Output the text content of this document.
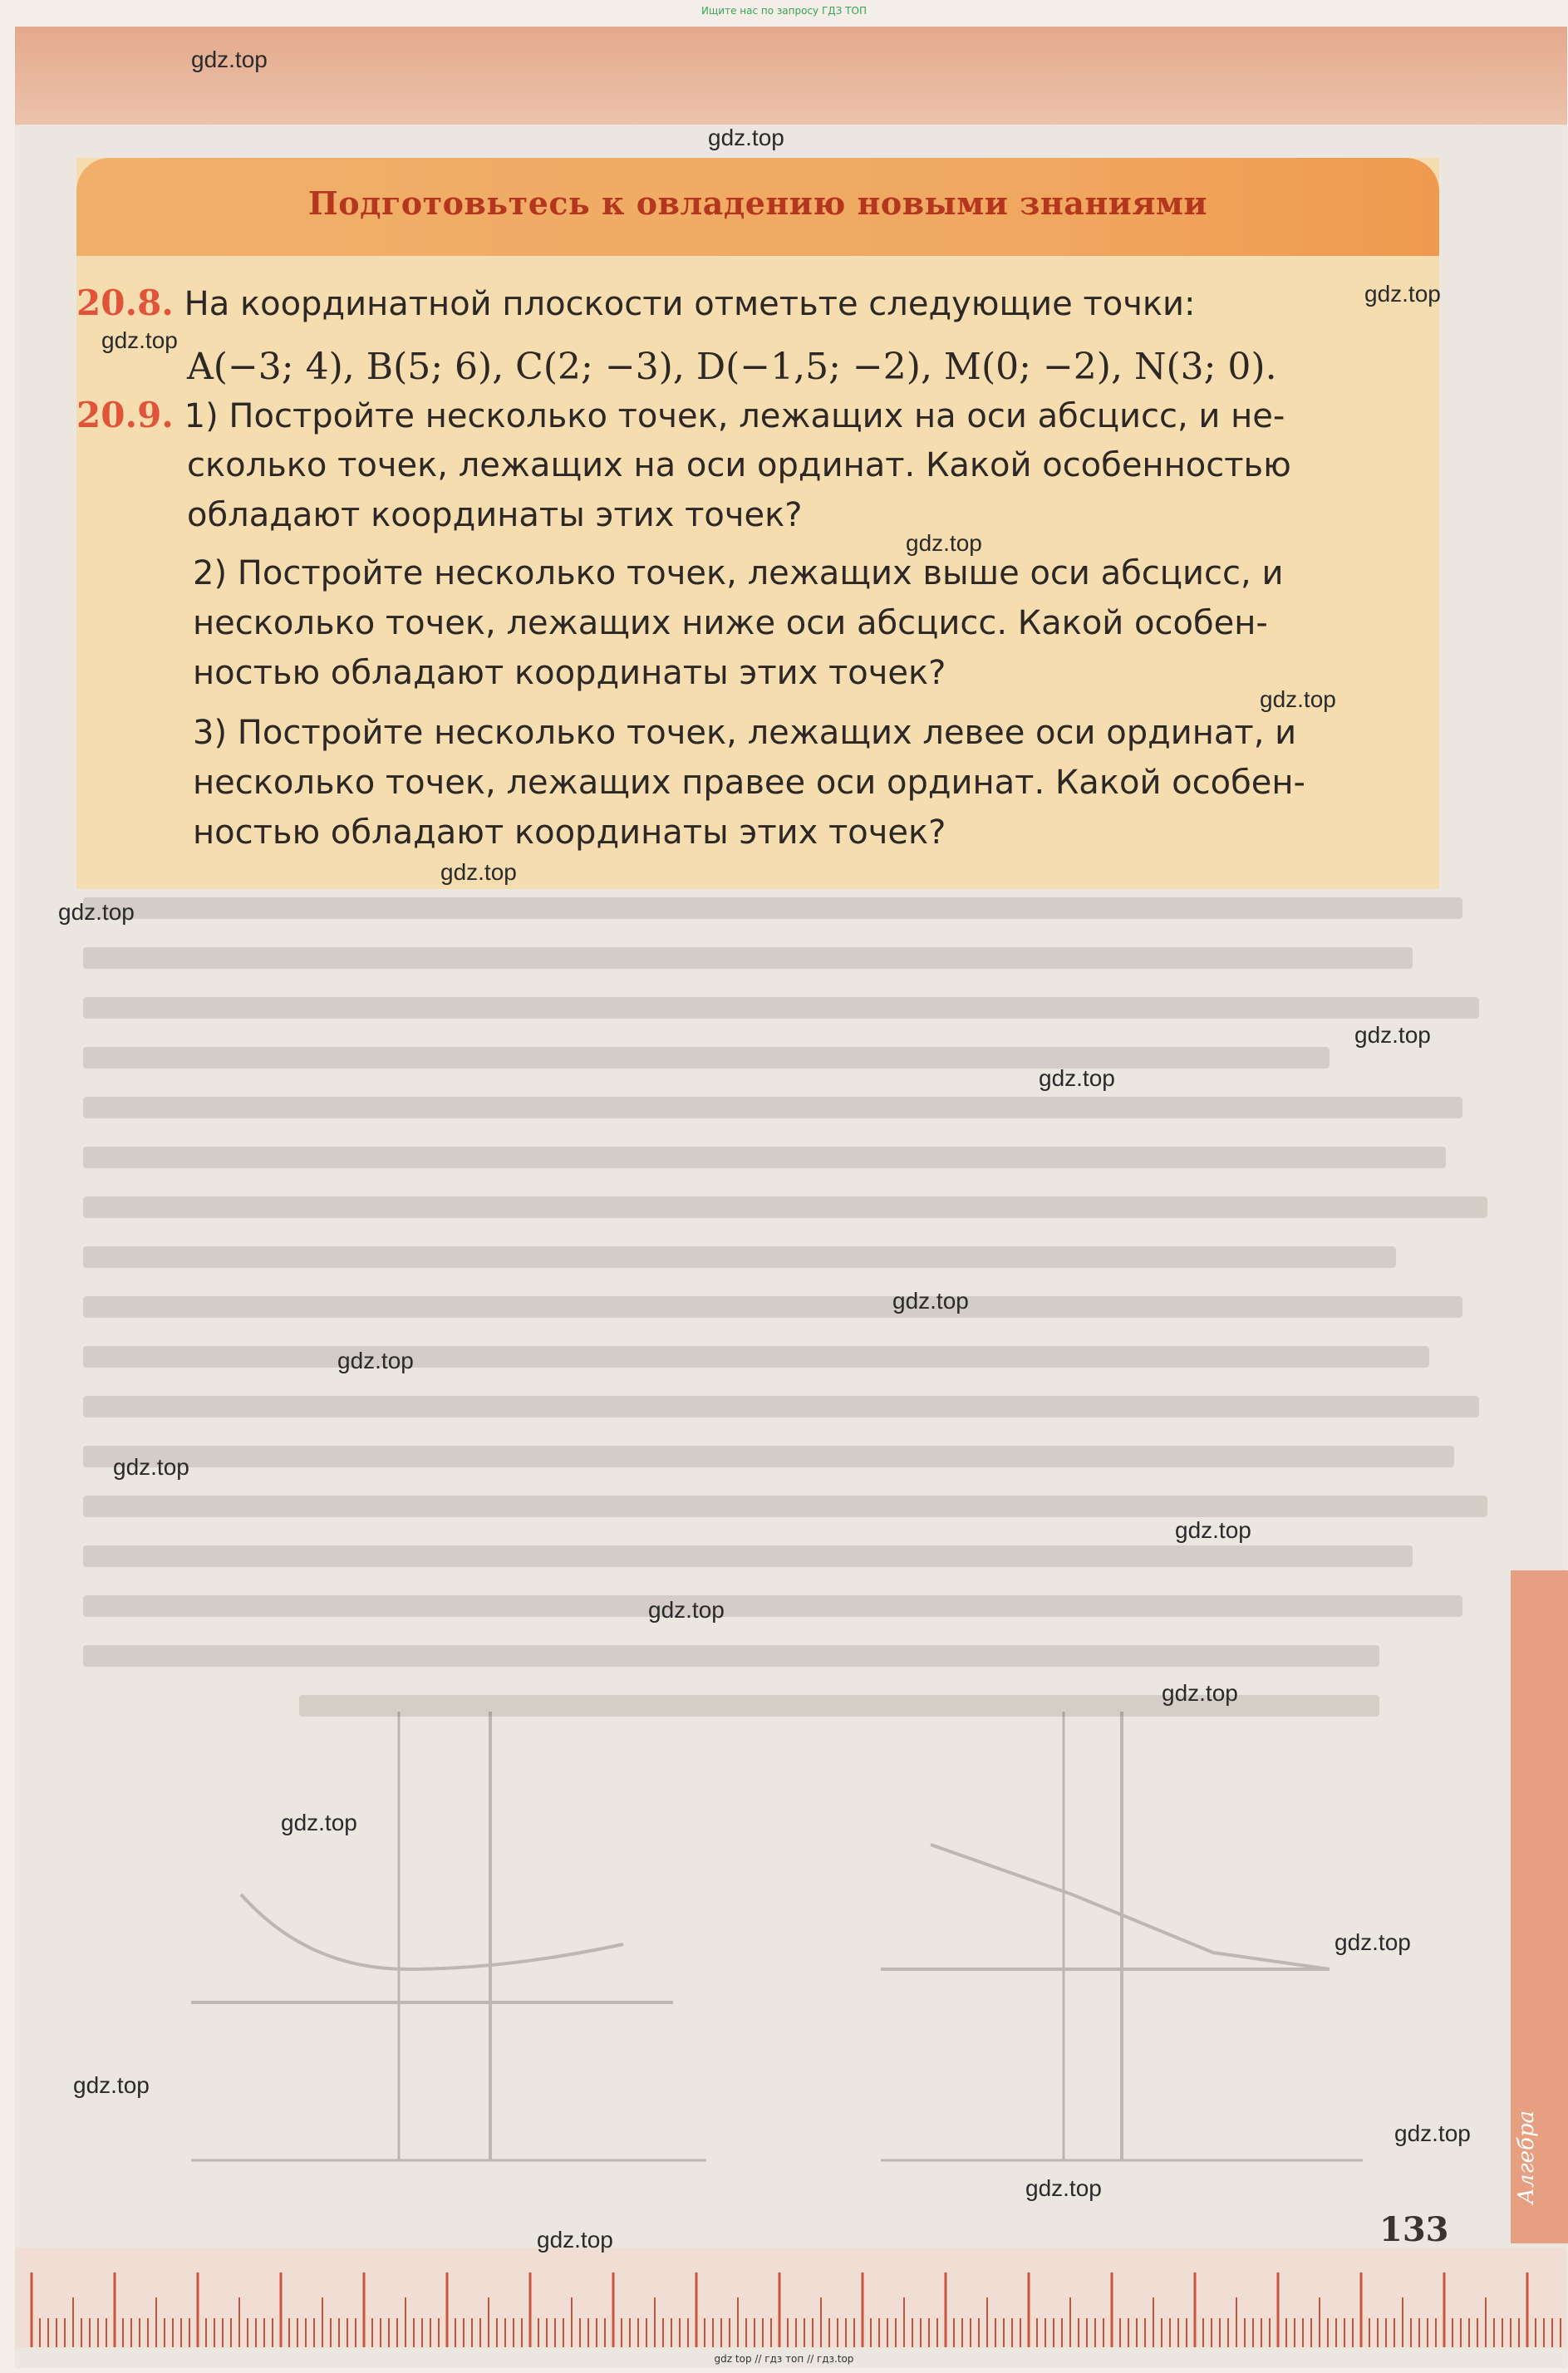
Ищите нас по запросу ГДЗ ТОП
Подготовьтесь к овладению новыми знаниями
20.8. На координатной плоскости отметьте следующие точки:
A(−3; 4), B(5; 6), C(2; −3), D(−1,5; −2), M(0; −2), N(3; 0).
20.9. 1) Постройте несколько точек, лежащих на оси абсцисс, и не-
сколько точек, лежащих на оси ординат. Какой особенностью
обладают координаты этих точек?
2) Постройте несколько точек, лежащих выше оси абсцисс, и
несколько точек, лежащих ниже оси абсцисс. Какой особен-
ностью обладают координаты этих точек?
3) Постройте несколько точек, лежащих левее оси ординат, и
несколько точек, лежащих правее оси ординат. Какой особен-
ностью обладают координаты этих точек?
Алгебра
133
gdz top // гдз топ // гдз.top
gdz.top
gdz.top
gdz.top
gdz.top
gdz.top
gdz.top
gdz.top
gdz.top
gdz.top
gdz.top
gdz.top
gdz.top
gdz.top
gdz.top
gdz.top
gdz.top
gdz.top
gdz.top
gdz.top
gdz.top
gdz.top
gdz.top
